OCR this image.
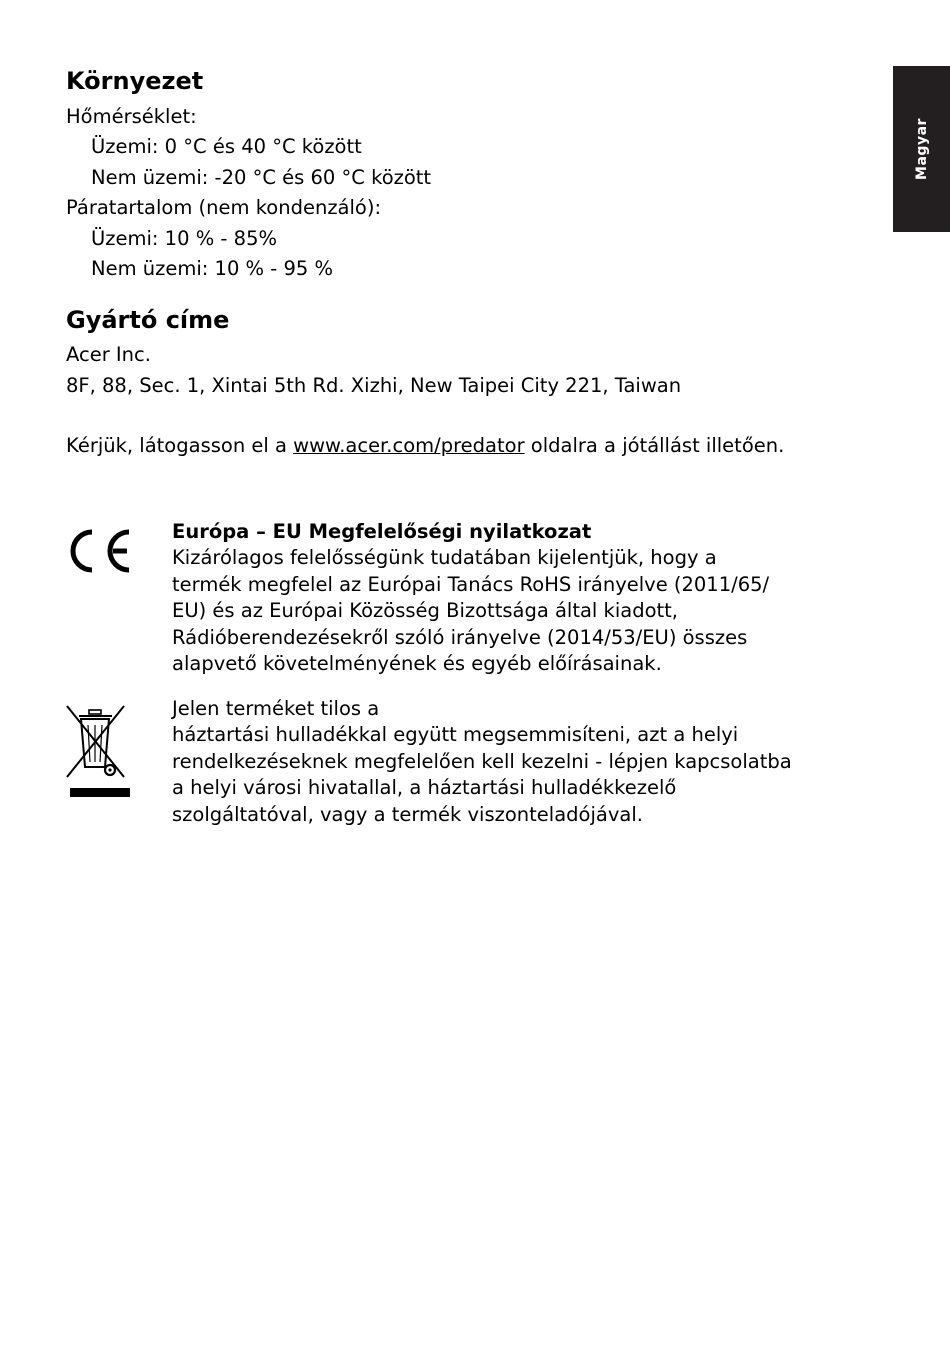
Magyar
Környezet
Hőmérséklet:
Üzemi: 0 °C és 40 °C között
Nem üzemi: -20 °C és 60 °C között
Páratartalom (nem kondenzáló):
Üzemi: 10 % - 85%
Nem üzemi: 10 % - 95 %
Gyártó címe
Acer Inc.
8F, 88, Sec. 1, Xintai 5th Rd. Xizhi, New Taipei City 221, Taiwan
Kérjük, látogasson el a www.acer.com/predator oldalra a jótállást illetően.

Európa – EU Megfelelőségi nyilatkozat

Kizárólagos felelősségünk tudatában kijelentjük, hogy a

termék megfelel az Európai Tanács RoHS irányelve (2011/65/

EU) és az Európai Közösség Bizottsága által kiadott,

Rádióberendezésekről szóló irányelve (2014/53/EU) összes

alapvető követelményének és egyéb előírásainak.

Jelen terméket tilos a

háztartási hulladékkal együtt megsemmisíteni, azt a helyi

rendelkezéseknek megfelelően kell kezelni - lépjen kapcsolatba

a helyi városi hivatallal, a háztartási hulladékkezelő

szolgáltatóval, vagy a termék viszonteladójával.
